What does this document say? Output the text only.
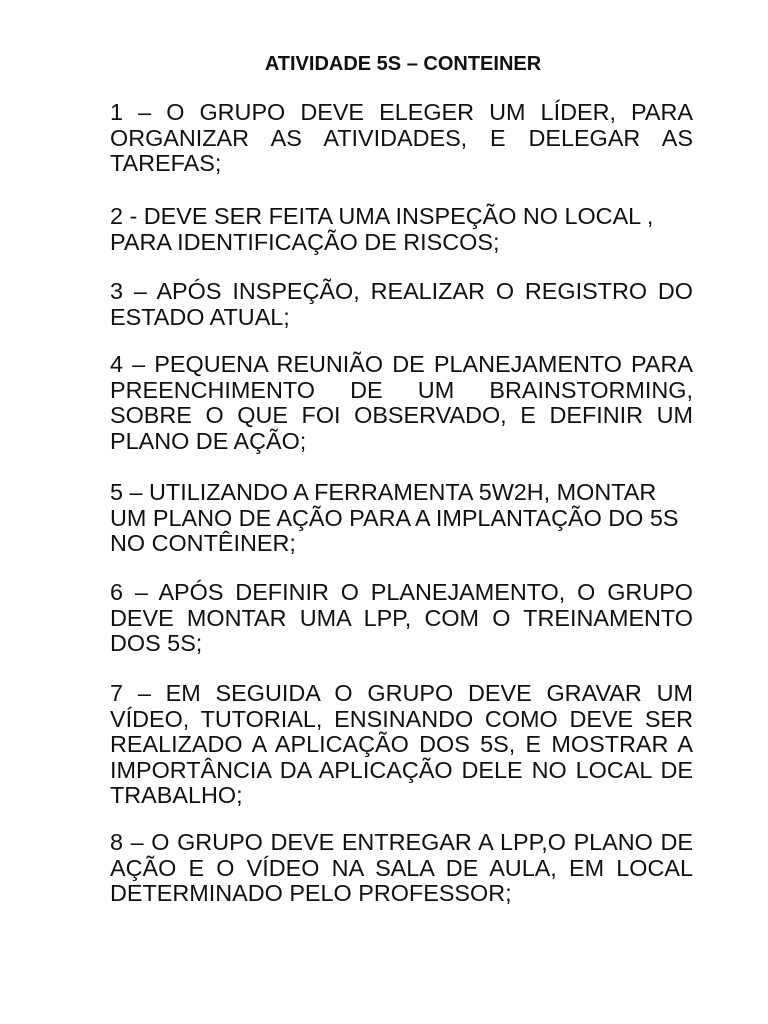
ATIVIDADE 5S – CONTEINER

1 – O GRUPO DEVE ELEGER UM LÍDER, PARA ORGANIZAR AS ATIVIDADES, E DELEGAR AS TAREFAS;

2 - DEVE SER FEITA UMA INSPEÇÃO NO LOCAL , PARA IDENTIFICAÇÃO DE RISCOS;

3 – APÓS INSPEÇÃO, REALIZAR O REGISTRO DO ESTADO ATUAL;

4 – PEQUENA REUNIÃO DE PLANEJAMENTO PARA PREENCHIMENTO DE UM BRAINSTORMING, SOBRE O QUE FOI OBSERVADO, E DEFINIR UM PLANO DE AÇÃO;

5 – UTILIZANDO A FERRAMENTA 5W2H, MONTAR UM PLANO DE AÇÃO PARA A IMPLANTAÇÃO DO 5S NO CONTÊINER;

6 – APÓS DEFINIR O PLANEJAMENTO, O GRUPO DEVE MONTAR UMA LPP, COM O TREINAMENTO DOS 5S;

7 – EM SEGUIDA O GRUPO DEVE GRAVAR UM VÍDEO, TUTORIAL, ENSINANDO COMO DEVE SER REALIZADO A APLICAÇÃO DOS 5S, E MOSTRAR A IMPORTÂNCIA DA APLICAÇÃO DELE NO LOCAL DE TRABALHO;

8 – O GRUPO DEVE ENTREGAR A LPP,O PLANO DE AÇÃO E O VÍDEO NA SALA DE AULA, EM LOCAL DETERMINADO PELO PROFESSOR;
